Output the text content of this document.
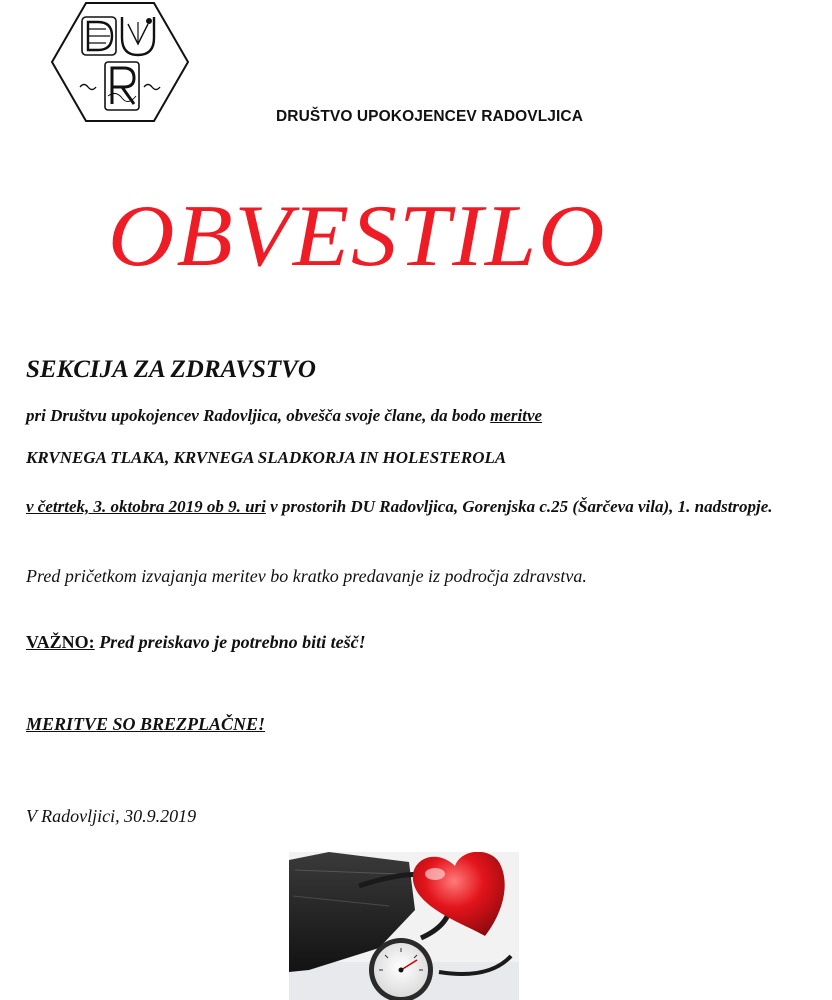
DRUŠTVO UPOKOJENCEV RADOVLJICA
OBVESTILO

SEKCIJA ZA ZDRAVSTVO

pri Društvu upokojencev Radovljica, obvešča svoje člane, da bodo meritve

KRVNEGA TLAKA, KRVNEGA SLADKORJA IN HOLESTEROLA

v četrtek, 3. oktobra 2019 ob 9. uri v prostorih DU Radovljica, Gorenjska c.25 (Šarčeva vila), 1. nadstropje.

Pred pričetkom izvajanja meritev bo kratko predavanje iz področja zdravstva.

VAŽNO: Pred preiskavo je potrebno biti tešč!

MERITVE SO BREZPLAČNE!

V Radovljici, 30.9.2019
